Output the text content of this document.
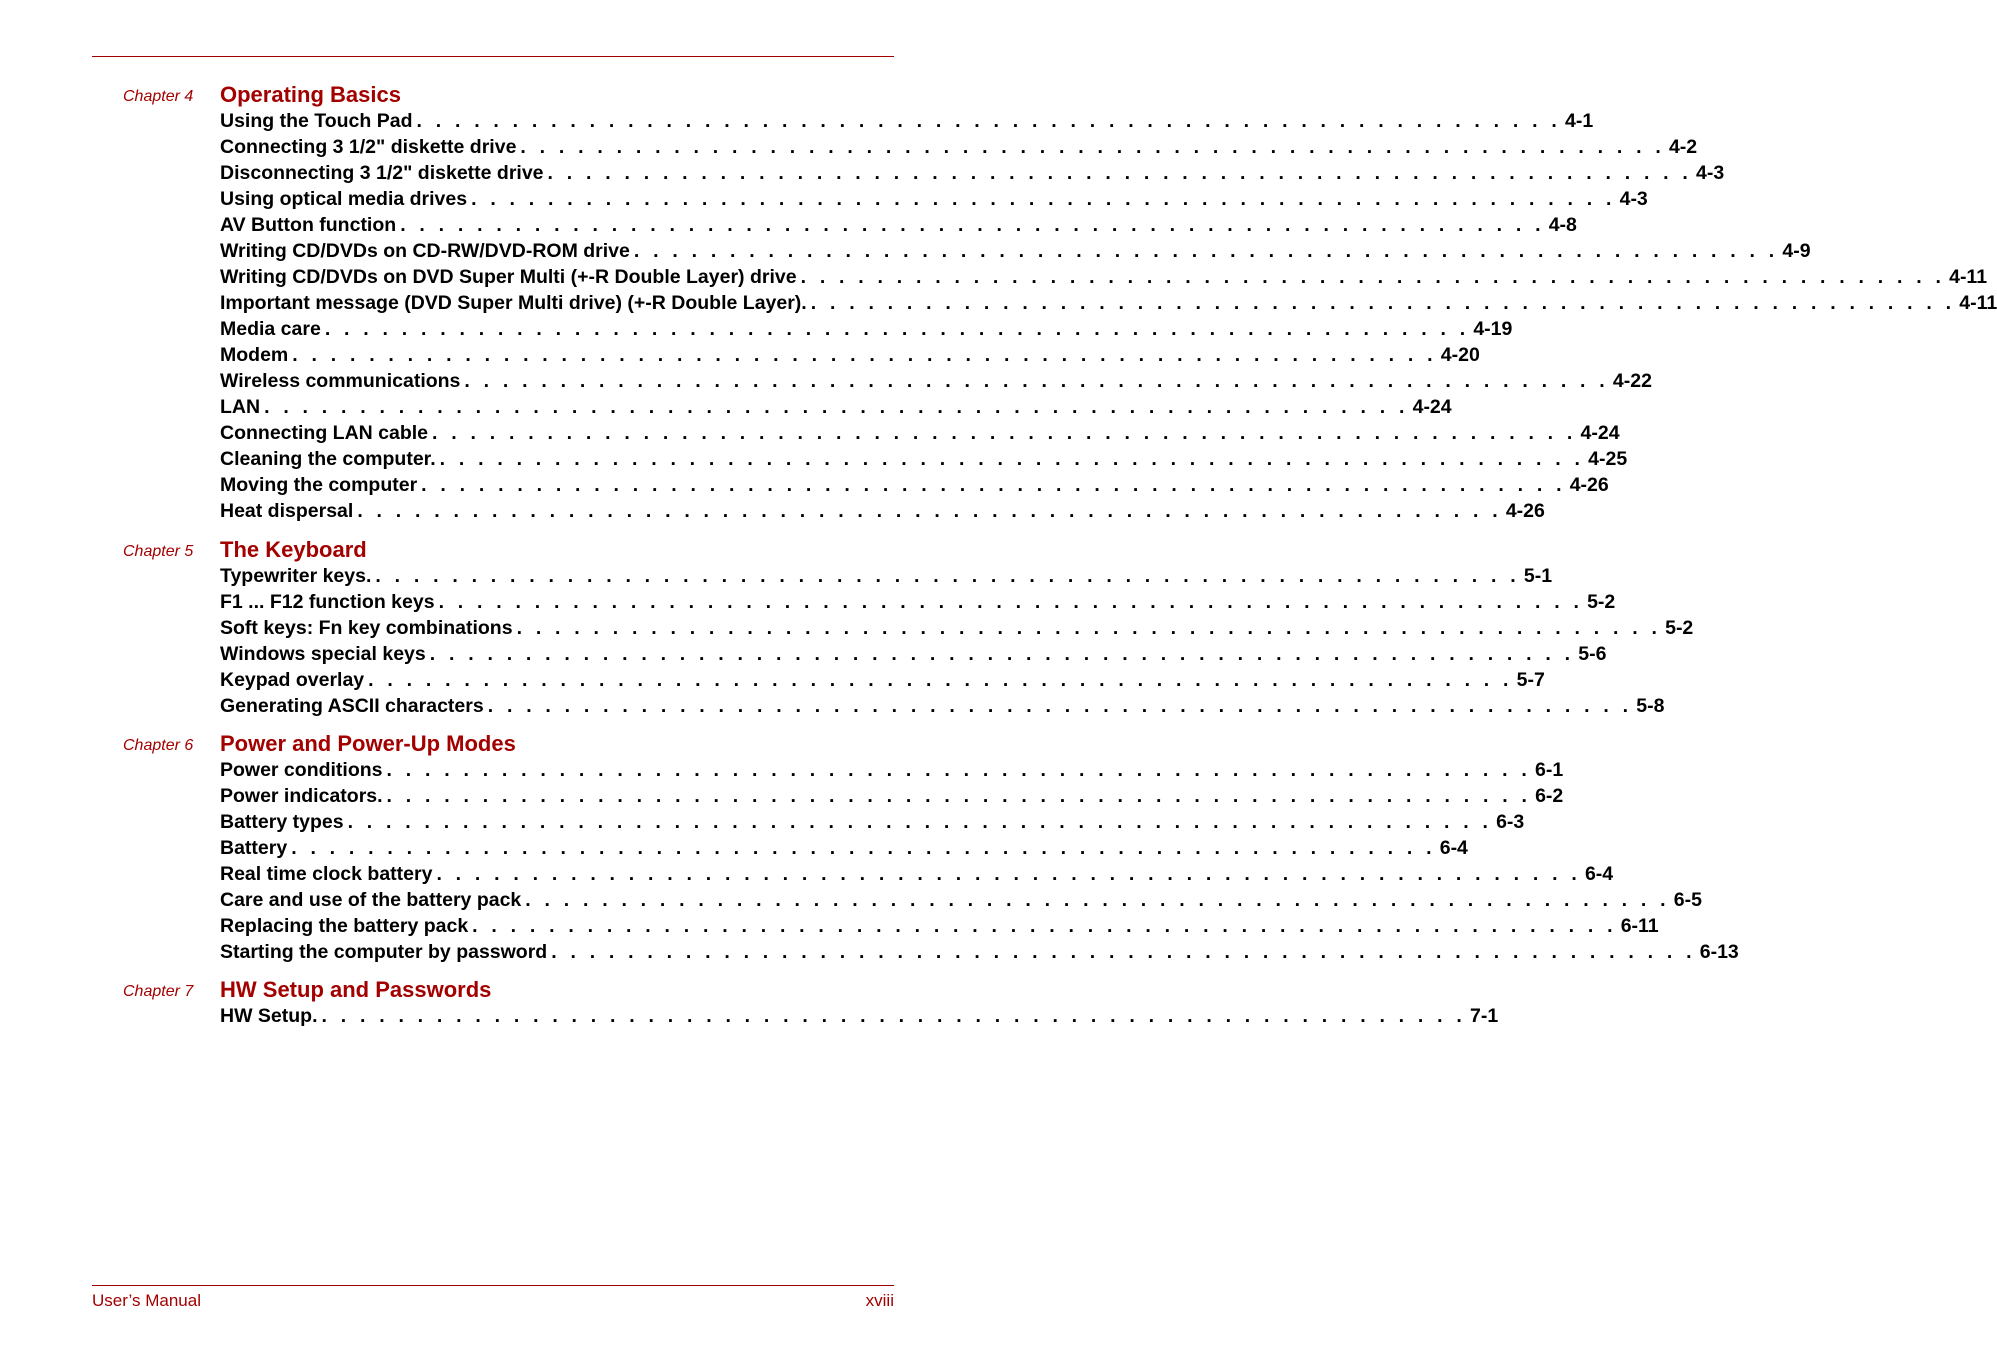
Chapter 4 Operating Basics
Using the Touch Pad . . . . . . . . . . . . . . . . . . . . . . . . . . . . . . . . . . . . . . . . . . . . . . . . . . . . . . . . . . . . 4-1
Connecting 3 1/2" diskette drive . . . . . . . . . . . . . . . . . . . . . . . . . . . . . . . . . . . . . . . . . . . . . . . . . . . . . . . . . . . . 4-2
Disconnecting 3 1/2" diskette drive . . . . . . . . . . . . . . . . . . . . . . . . . . . . . . . . . . . . . . . . . . . . . . . . . . . . . . . . . . . . 4-3
Using optical media drives . . . . . . . . . . . . . . . . . . . . . . . . . . . . . . . . . . . . . . . . . . . . . . . . . . . . . . . . . . . . 4-3
AV Button function . . . . . . . . . . . . . . . . . . . . . . . . . . . . . . . . . . . . . . . . . . . . . . . . . . . . . . . . . . . . 4-8
Writing CD/DVDs on CD-RW/DVD-ROM drive . . . . . . . . . . . . . . . . . . . . . . . . . . . . . . . . . . . . . . . . . . . . . . . . . . . . . . . . . . . . 4-9
Writing CD/DVDs on DVD Super Multi (+-R Double Layer) drive . . . . . . . . . . . . . . . . . . . . . . . . . . . . . . . . . . . . . . . . . . . . . . . . . . . . . . . . . . . . 4-11
Important message (DVD Super Multi drive) (+-R Double Layer). . . . . . . . . . . . . . . . . . . . . . . . . . . . . . . . . . . . . . . . . . . . . . . . . . . . . . . . . . . . . 4-11
Media care . . . . . . . . . . . . . . . . . . . . . . . . . . . . . . . . . . . . . . . . . . . . . . . . . . . . . . . . . . . . 4-19
Modem . . . . . . . . . . . . . . . . . . . . . . . . . . . . . . . . . . . . . . . . . . . . . . . . . . . . . . . . . . . . 4-20
Wireless communications . . . . . . . . . . . . . . . . . . . . . . . . . . . . . . . . . . . . . . . . . . . . . . . . . . . . . . . . . . . . 4-22
LAN . . . . . . . . . . . . . . . . . . . . . . . . . . . . . . . . . . . . . . . . . . . . . . . . . . . . . . . . . . . . 4-24
Connecting LAN cable . . . . . . . . . . . . . . . . . . . . . . . . . . . . . . . . . . . . . . . . . . . . . . . . . . . . . . . . . . . . 4-24
Cleaning the computer. . . . . . . . . . . . . . . . . . . . . . . . . . . . . . . . . . . . . . . . . . . . . . . . . . . . . . . . . . . . . 4-25
Moving the computer . . . . . . . . . . . . . . . . . . . . . . . . . . . . . . . . . . . . . . . . . . . . . . . . . . . . . . . . . . . . 4-26
Heat dispersal . . . . . . . . . . . . . . . . . . . . . . . . . . . . . . . . . . . . . . . . . . . . . . . . . . . . . . . . . . . . 4-26
Chapter 5 The Keyboard
Typewriter keys. . . . . . . . . . . . . . . . . . . . . . . . . . . . . . . . . . . . . . . . . . . . . . . . . . . . . . . . . . . . . 5-1
F1 ... F12 function keys . . . . . . . . . . . . . . . . . . . . . . . . . . . . . . . . . . . . . . . . . . . . . . . . . . . . . . . . . . . . 5-2
Soft keys: Fn key combinations . . . . . . . . . . . . . . . . . . . . . . . . . . . . . . . . . . . . . . . . . . . . . . . . . . . . . . . . . . . . 5-2
Windows special keys . . . . . . . . . . . . . . . . . . . . . . . . . . . . . . . . . . . . . . . . . . . . . . . . . . . . . . . . . . . . 5-6
Keypad overlay . . . . . . . . . . . . . . . . . . . . . . . . . . . . . . . . . . . . . . . . . . . . . . . . . . . . . . . . . . . . 5-7
Generating ASCII characters . . . . . . . . . . . . . . . . . . . . . . . . . . . . . . . . . . . . . . . . . . . . . . . . . . . . . . . . . . . . 5-8
Chapter 6 Power and Power-Up Modes
Power conditions . . . . . . . . . . . . . . . . . . . . . . . . . . . . . . . . . . . . . . . . . . . . . . . . . . . . . . . . . . . . 6-1
Power indicators. . . . . . . . . . . . . . . . . . . . . . . . . . . . . . . . . . . . . . . . . . . . . . . . . . . . . . . . . . . . . 6-2
Battery types . . . . . . . . . . . . . . . . . . . . . . . . . . . . . . . . . . . . . . . . . . . . . . . . . . . . . . . . . . . . 6-3
Battery . . . . . . . . . . . . . . . . . . . . . . . . . . . . . . . . . . . . . . . . . . . . . . . . . . . . . . . . . . . . 6-4
Real time clock battery . . . . . . . . . . . . . . . . . . . . . . . . . . . . . . . . . . . . . . . . . . . . . . . . . . . . . . . . . . . . 6-4
Care and use of the battery pack . . . . . . . . . . . . . . . . . . . . . . . . . . . . . . . . . . . . . . . . . . . . . . . . . . . . . . . . . . . . 6-5
Replacing the battery pack . . . . . . . . . . . . . . . . . . . . . . . . . . . . . . . . . . . . . . . . . . . . . . . . . . . . . . . . . . . . 6-11
Starting the computer by password . . . . . . . . . . . . . . . . . . . . . . . . . . . . . . . . . . . . . . . . . . . . . . . . . . . . . . . . . . . . 6-13
Chapter 7 HW Setup and Passwords
HW Setup. . . . . . . . . . . . . . . . . . . . . . . . . . . . . . . . . . . . . . . . . . . . . . . . . . . . . . . . . . . . . 7-1
User’s Manual	xviii
